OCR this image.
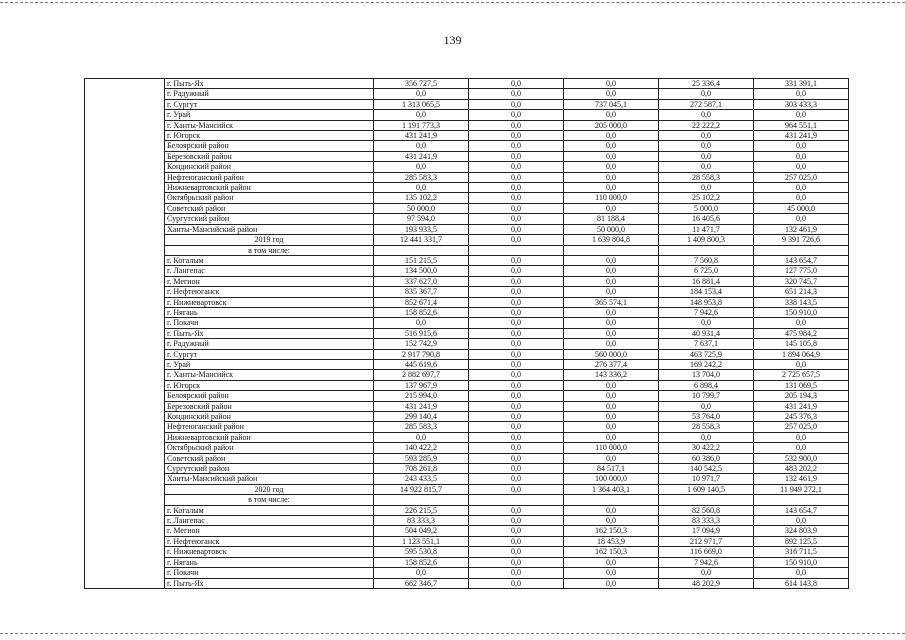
139
	г. Пыть-Ях	356 727,5	0,0	0,0	25 336,4	331 391,1
	г. Радужный	0,0	0,0	0,0	0,0	0,0
	г. Сургут	1 313 065,5	0,0	737 045,1	272 587,1	303 433,3
	г. Урай	0,0	0,0	0,0	0,0	0,0
	г. Ханты-Мансийск	1 191 773,3	0,0	205 000,0	22 222,2	964 551,1
	г. Югорск	431 241,9	0,0	0,0	0,0	431 241,9
	Белоярский район	0,0	0,0	0,0	0,0	0,0
	Березовский район	431 241,9	0,0	0,0	0,0	0,0
	Кондинский район	0,0	0,0	0,0	0,0	0,0
	Нефтеюганский район	285 583,3	0,0	0,0	28 558,3	257 025,0
	Нижневартовский район	0,0	0,0	0,0	0,0	0,0
	Октябрьский район	135 102,2	0,0	110 000,0	25 102,2	0,0
	Советский район	50 000,0	0,0	0,0	5 000,0	45 000,0
	Сургутский район	97 594,0	0,0	81 188,4	16 405,6	0,0
	Ханты-Мансийский район	193 933,5	0,0	50 000,0	11 471,7	132 461,9
	2019 год	12 441 331,7	0,0	1 639 804,8	1 409 800,3	9 391 726,6
	в том числе:					
	г. Когалым	151 215,5	0,0	0,0	7 560,8	143 654,7
	г. Лангепас	134 500,0	0,0	0,0	6 725,0	127 775,0
	г. Мегион	337 627,0	0,0	0,0	16 881,4	320 745,7
	г. Нефтеюганск	835 367,7	0,0	0,0	184 153,4	651 214,3
	г. Нижневартовск	852 671,4	0,0	365 574,1	148 953,8	338 143,5
	г. Нягань	158 852,6	0,0	0,0	7 942,6	150 910,0
	г. Покачи	0,0	0,0	0,0	0,0	0,0
	г. Пыть-Ях	516 915,6	0,0	0,0	40 931,4	475 984,2
	г. Радужный	152 742,9	0,0	0,0	7 637,1	145 105,8
	г. Сургут	2 917 790,8	0,0	560 000,0	463 725,9	1 894 064,9
	г. Урай	445 619,6	0,0	276 377,4	169 242,2	0,0
	г. Ханты-Мансийск	2 882 697,7	0,0	143 336,2	13 704,0	2 725 657,5
	г. Югорск	137 967,9	0,0	0,0	6 898,4	131 069,5
	Белоярский район	215 994,0	0,0	0,0	10 799,7	205 194,3
	Березовский район	431 241,9	0,0	0,0	0,0	431 241,9
	Кондинский район	299 140,4	0,0	0,0	53 764,0	245 376,3
	Нефтеюганский район	285 583,3	0,0	0,0	28 558,3	257 025,0
	Нижневартовский район	0,0	0,0	0,0	0,0	0,0
	Октябрьский район	140 422,2	0,0	110 000,0	30 422,2	0,0
	Советский район	593 285,9	0,0	0,0	60 386,0	532 900,0
	Сургутский район	708 261,8	0,0	84 517,1	140 542,5	483 202,2
	Ханты-Мансийский район	243 433,5	0,0	100 000,0	10 971,7	132 461,9
	2020 год	14 922 815,7	0,0	1 364 403,1	1 609 140,5	11 949 272,1
	в том числе:					
	г. Когалым	226 215,5	0,0	0,0	82 560,8	143 654,7
	г. Лангепас	83 333,3	0,0	0,0	83 333,3	0,0
	г. Мегион	504 049,2	0,0	162 150,3	17 094,9	324 803,9
	г. Нефтеюганск	1 123 551,1	0,0	18 453,9	212 971,7	892 125,5
	г. Нижневартовск	595 530,8	0,0	162 150,3	116 669,0	316 711,5
	г. Нягань	158 852,6	0,0	0,0	7 942,6	150 910,0
	г. Покачи	0,0	0,0	0,0	0,0	0,0
	г. Пыть-Ях	662 346,7	0,0	0,0	48 202,9	614 143,8
